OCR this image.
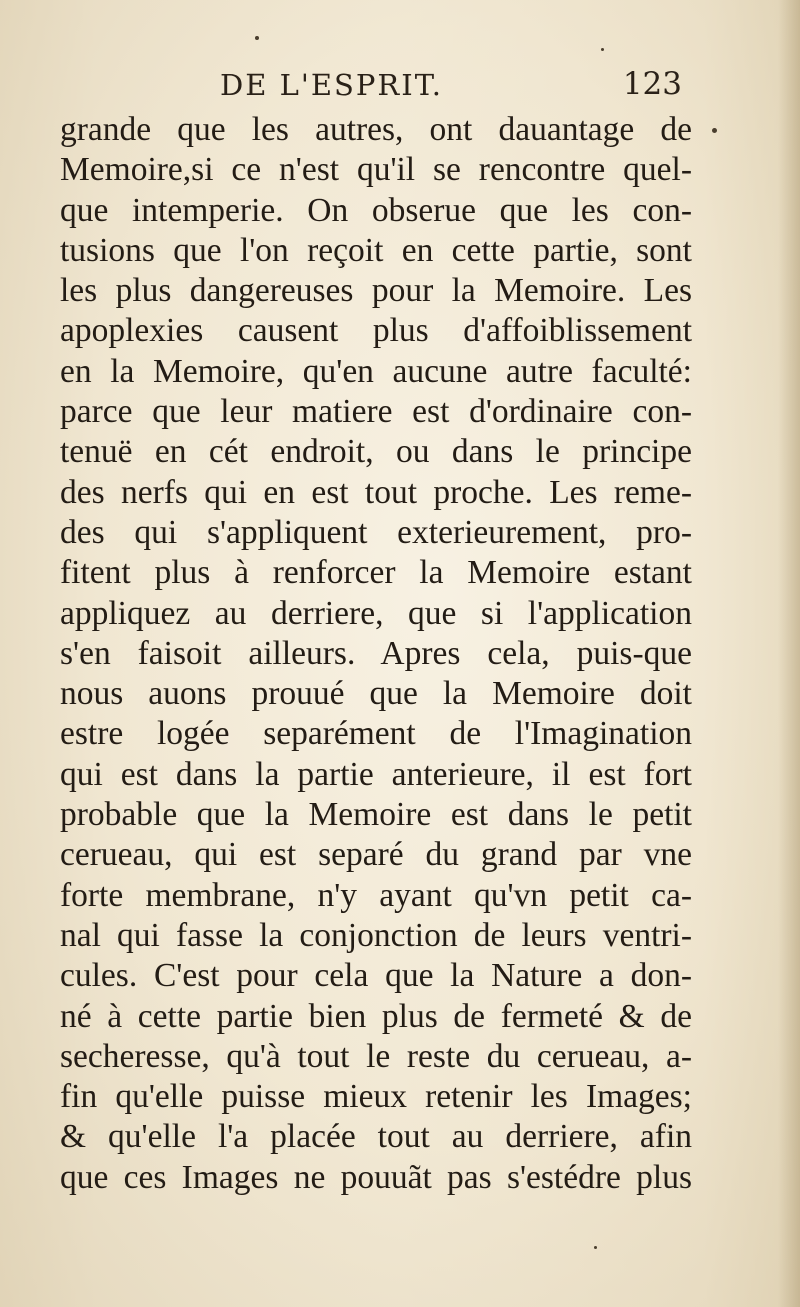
DE L'ESPRIT.	123
grande que les autres, ont dauantage de
Memoire,si ce n'est qu'il se rencontre quel-
que intemperie. On obserue que les con-
tusions que l'on reçoit en cette partie, sont
les plus dangereuses pour la Memoire. Les
apoplexies causent plus d'affoiblissement
en la Memoire, qu'en aucune autre faculté:
parce que leur matiere est d'ordinaire con-
tenuë en cét endroit, ou dans le principe
des nerfs qui en est tout proche. Les reme-
des qui s'appliquent exterieurement, pro-
fitent plus à renforcer la Memoire estant
appliquez au derriere, que si l'application
s'en faisoit ailleurs. Apres cela, puis-que
nous auons prouué que la Memoire doit
estre logée separément de l'Imagination
qui est dans la partie anterieure, il est fort
probable que la Memoire est dans le petit
cerueau, qui est separé du grand par vne
forte membrane, n'y ayant qu'vn petit ca-
nal qui fasse la conjonction de leurs ventri-
cules. C'est pour cela que la Nature a don-
né à cette partie bien plus de fermeté & de
secheresse, qu'à tout le reste du cerueau, a-
fin qu'elle puisse mieux retenir les Images;
& qu'elle l'a placée tout au derriere, afin
que ces Images ne pouuãt pas s'estédre plus
